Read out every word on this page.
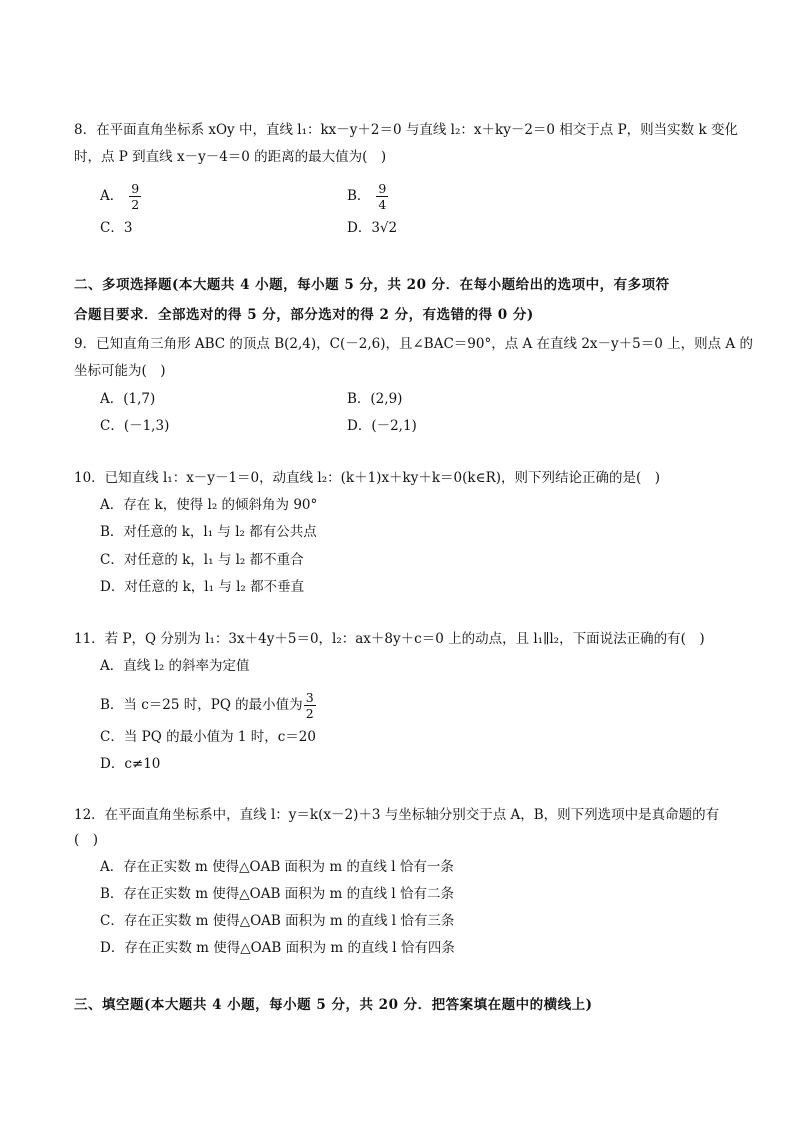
8．在平面直角坐标系 xOy 中，直线 l₁：kx－y＋2＝0 与直线 l₂：x＋ky－2＝0 相交于点 P，则当实数 k 变化
时，点 P 到直线 x－y－4＝0 的距离的最大值为(　)
A． $\frac{9}{2}$	B． $\frac{9}{4}$
C．3	D．3√2
二、多项选择题(本大题共 4 小题，每小题 5 分，共 20 分．在每小题给出的选项中，有多项符
合题目要求．全部选对的得 5 分，部分选对的得 2 分，有选错的得 0 分)
9．已知直角三角形 ABC 的顶点 B(2,4)，C(－2,6)，且∠BAC＝90°，点 A 在直线 2x－y＋5＝0 上，则点 A 的
坐标可能为(　)
A．(1,7)	B．(2,9)
C．(－1,3)	D．(－2,1)
10．已知直线 l₁：x－y－1＝0，动直线 l₂：(k＋1)x＋ky＋k＝0(k∈R)，则下列结论正确的是(　)
A．存在 k，使得 l₂ 的倾斜角为 90°
B．对任意的 k，l₁ 与 l₂ 都有公共点
C．对任意的 k，l₁ 与 l₂ 都不重合
D．对任意的 k，l₁ 与 l₂ 都不垂直
11．若 P，Q 分别为 l₁：3x＋4y＋5＝0，l₂：ax＋8y＋c＝0 上的动点，且 l₁∥l₂，下面说法正确的有(　)
A．直线 l₂ 的斜率为定值
B．当 c＝25 时，PQ 的最小值为 $\frac{3}{2}$
C．当 PQ 的最小值为 1 时，c＝20
D．c≠10
12．在平面直角坐标系中，直线 l：y＝k(x－2)＋3 与坐标轴分别交于点 A，B，则下列选项中是真命题的有
(　)
A．存在正实数 m 使得△OAB 面积为 m 的直线 l 恰有一条
B．存在正实数 m 使得△OAB 面积为 m 的直线 l 恰有二条
C．存在正实数 m 使得△OAB 面积为 m 的直线 l 恰有三条
D．存在正实数 m 使得△OAB 面积为 m 的直线 l 恰有四条
三、填空题(本大题共 4 小题，每小题 5 分，共 20 分．把答案填在题中的横线上)
